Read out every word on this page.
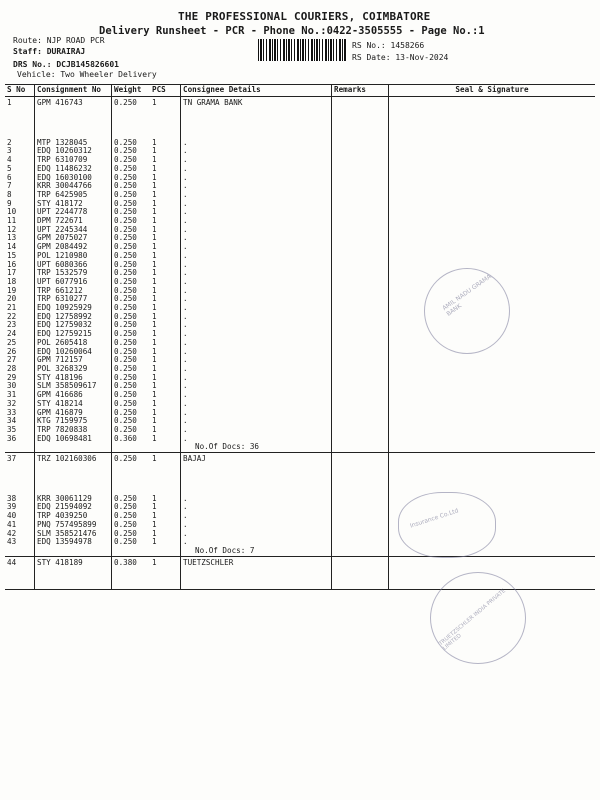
THE PROFESSIONAL COURIERS, COIMBATORE
Delivery Runsheet - PCR - Phone No.:0422-3505555 - Page No.:1
Route: NJP ROAD PCR
Staff: DURAIRAJ
RS No.: 1458266
RS Date: 13-Nov-2024
DRS No.: DCJB145826601
Vehicle: Two Wheeler Delivery
S No	Consignment No	Weight	PCS	Consignee Details	Remarks	Seal & Signature
1	GPM 416743	0.250	1	TN GRAMA BANK		

2	MTP 1328045	0.250	1	.		
3	EDQ 10260312	0.250	1	.		
4	TRP 6310709	0.250	1	.		
5	EDQ 11486232	0.250	1	.		
6	EDQ 16030100	0.250	1	.		
7	KRR 30044766	0.250	1	.		
8	TRP 6425905	0.250	1	.		
9	STY 418172	0.250	1	.		
10	UPT 2244778	0.250	1	.		
11	DPM 722671	0.250	1	.		
12	UPT 2245344	0.250	1	.		
13	GPM 2075027	0.250	1	.		
14	GPM 2084492	0.250	1	.		
15	POL 1210980	0.250	1	.		
16	UPT 6080366	0.250	1	.		
17	TRP 1532579	0.250	1	.		
18	UPT 6077916	0.250	1	.		
19	TRP 661212	0.250	1	.		
20	TRP 6310277	0.250	1	.		
21	EDQ 10925929	0.250	1	.		
22	EDQ 12758992	0.250	1	.		
23	EDQ 12759032	0.250	1	.		
24	EDQ 12759215	0.250	1	.		
25	POL 2605418	0.250	1	.		
26	EDQ 10260064	0.250	1	.		
27	GPM 712157	0.250	1	.		
28	POL 3268329	0.250	1	.		
29	STY 418196	0.250	1	.		
30	SLM 358509617	0.250	1	.		
31	GPM 416686	0.250	1	.		
32	STY 418214	0.250	1	.		
33	GPM 416879	0.250	1	.		
34	KTG 7159975	0.250	1	.		
35	TRP 7820838	0.250	1	.		
36	EDQ 10698481	0.360	1	.		
				No.Of Docs: 36		
37	TRZ 102160306	0.250	1	BAJAJ		

38	KRR 30061129	0.250	1	.		
39	EDQ 21594092	0.250	1	.		
40	TRP 4039250	0.250	1	.		
41	PNQ 757495899	0.250	1	.		
42	SLM 358521476	0.250	1	.		
43	EDQ 13594978	0.250	1	.		
				No.Of Docs: 7		
44	STY 418189	0.380	1	TUETZSCHLER		

AMIL NADU GRAMA BANK
Insurance Co.Ltd
TRUETZSCHLER INDIA PRIVATE LIMITED
